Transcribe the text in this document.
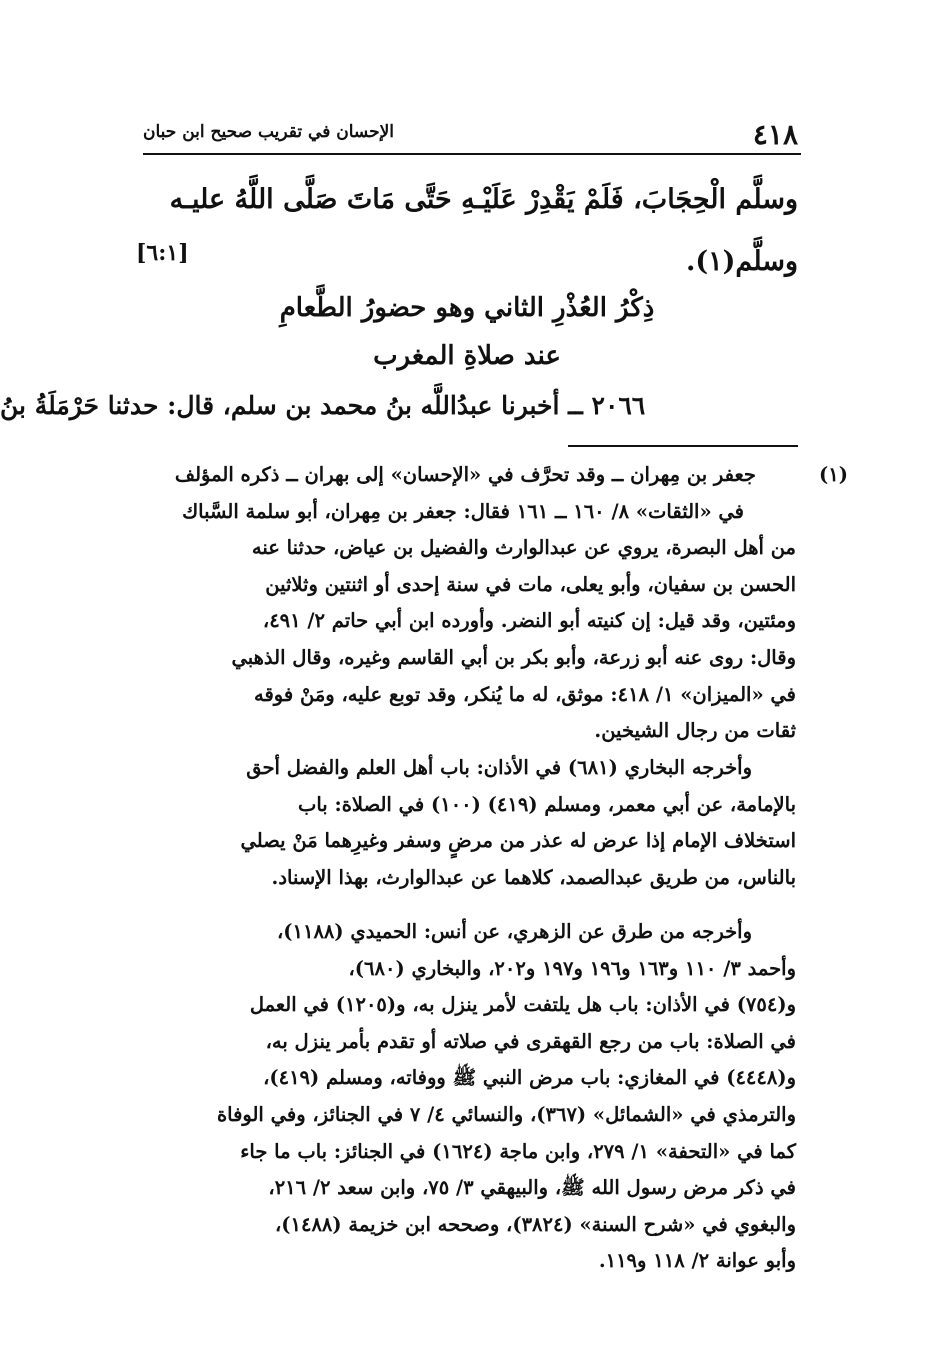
٤١٨
الإحسان في تقريب صحيح ابن حبان
وسلَّم الْحِجَابَ، فَلَمْ يَقْدِرْ عَلَيْـهِ حَتَّى مَاتَ صَلَّى اللَّهُ عليـه
وسلَّم(١).
[٦:١]
ذِكْرُ العُذْرِ الثاني وهو حضورُ الطَّعامِ
عند صلاةِ المغرب
٢٠٦٦ ــ أخبرنا عبدُاللَّه بنُ محمد بن سلم، قال: حدثنا حَرْمَلَةُ بنُ

(١)جعفر بن مِهران ــ وقد تحرَّف في «الإحسان» إلى بهران ــ ذكره المؤلف

في «الثقات» ٨/ ١٦٠ ــ ١٦١ فقال: جعفر بن مِهران، أبو سلمة السَّباك

من أهل البصرة، يروي عن عبدالوارث والفضيل بن عياض، حدثنا عنه

الحسن بن سفيان، وأبو يعلى، مات في سنة إحدى أو اثنتين وثلاثين

ومئتين، وقد قيل: إن كنيته أبو النضر. وأورده ابن أبي حاتم ٢/ ٤٩١،

وقال: روى عنه أبو زرعة، وأبو بكر بن أبي القاسم وغيره، وقال الذهبي

في «الميزان» ١/ ٤١٨: موثق، له ما يُنكر، وقد توبع عليه، ومَنْ فوقه

ثقات من رجال الشيخين.

وأخرجه البخاري (٦٨١) في الأذان: باب أهل العلم والفضل أحق

بالإمامة، عن أبي معمر، ومسلم (٤١٩) (١٠٠) في الصلاة: باب

استخلاف الإمام إذا عرض له عذر من مرضٍ وسفر وغيرِهما مَنْ يصلي

بالناس، من طريق عبدالصمد، كلاهما عن عبدالوارث، بهذا الإسناد.

وأخرجه من طرق عن الزهري، عن أنس: الحميدي (١١٨٨)،

وأحمد ٣/ ١١٠ و١٦٣ و١٩٦ و١٩٧ و٢٠٢، والبخاري (٦٨٠)،

و(٧٥٤) في الأذان: باب هل يلتفت لأمر ينزل به، و(١٢٠٥) في العمل

في الصلاة: باب من رجع القهقرى في صلاته أو تقدم بأمر ينزل به،

و(٤٤٤٨) في المغازي: باب مرض النبي ﷺ ووفاته، ومسلم (٤١٩)،

والترمذي في «الشمائل» (٣٦٧)، والنسائي ٤/ ٧ في الجنائز، وفي الوفاة

كما في «التحفة» ١/ ٢٧٩، وابن ماجة (١٦٢٤) في الجنائز: باب ما جاء

في ذكر مرض رسول الله ﷺ، والبيهقي ٣/ ٧٥، وابن سعد ٢/ ٢١٦،

والبغوي في «شرح السنة» (٣٨٢٤)، وصححه ابن خزيمة (١٤٨٨)،

وأبو عوانة ٢/ ١١٨ و١١٩.
